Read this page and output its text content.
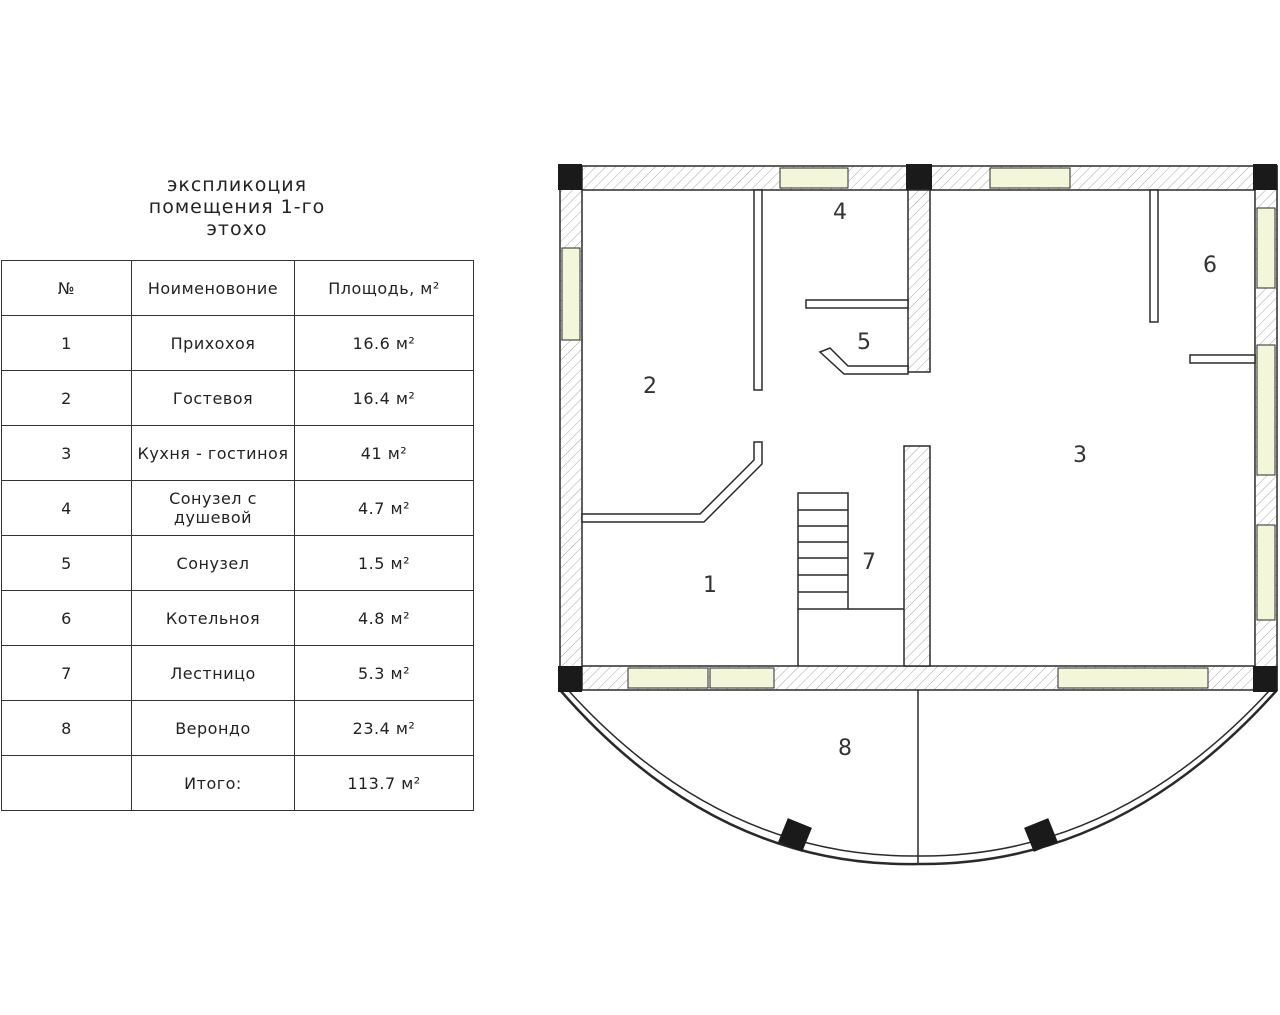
экспликоция
помещения 1-го
этохо
№	Нoименовoние	Площодь, м²
1	Прихохоя	16.6 м²
2	Гостевоя	16.4 м²
3	Кухня - гостиноя	41 м²
4	Сонузел с душевой	4.7 м²
5	Сонузел	1.5 м²
6	Котельноя	4.8 м²
7	Лестницо	5.3 м²
8	Верондо	23.4 м²
	Итого:	113.7 м²
1
2
3
4
5
6
7
8
